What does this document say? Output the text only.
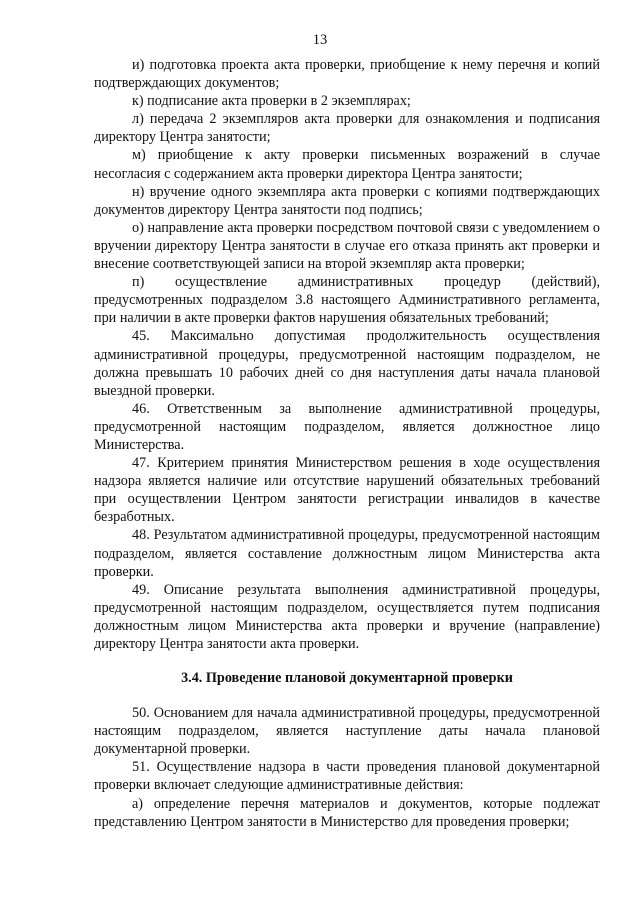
13

и) подготовка проекта акта проверки, приобщение к нему перечня и копий подтверждающих документов;

к) подписание акта проверки в 2 экземплярах;

л) передача 2 экземпляров акта проверки для ознакомления и подписания директору Центра занятости;

м) приобщение к акту проверки письменных возражений в случае несогласия с содержанием акта проверки директора Центра занятости;

н) вручение одного экземпляра акта проверки с копиями подтверждающих документов директору Центра занятости под подпись;

о) направление акта проверки посредством почтовой связи с уведомлением о вручении директору Центра занятости в случае его отказа принять акт проверки и внесение соответствующей записи на второй экземпляр акта проверки;

п) осуществление административных процедур (действий), предусмотренных подразделом 3.8 настоящего Административного регламента, при наличии в акте проверки фактов нарушения обязательных требований;

45. Максимально допустимая продолжительность осуществления административной процедуры, предусмотренной настоящим подразделом, не должна превышать 10 рабочих дней со дня наступления даты начала плановой выездной проверки.

46. Ответственным за выполнение административной процедуры, предусмотренной настоящим подразделом, является должностное лицо Министерства.

47. Критерием принятия Министерством решения в ходе осуществления надзора является наличие или отсутствие нарушений обязательных требований при осуществлении Центром занятости регистрации инвалидов в качестве безработных.

48. Результатом административной процедуры, предусмотренной настоящим подразделом, является составление должностным лицом Министерства акта проверки.

49. Описание результата выполнения административной процедуры, предусмотренной настоящим подразделом, осуществляется путем подписания должностным лицом Министерства акта проверки и вручение (направление) директору Центра занятости акта проверки.

3.4. Проведение плановой документарной проверки

50. Основанием для начала административной процедуры, предусмотренной настоящим подразделом, является наступление даты начала плановой документарной проверки.

51. Осуществление надзора в части проведения плановой документарной проверки включает следующие административные действия:

а) определение перечня материалов и документов, которые подлежат представлению Центром занятости в Министерство для проведения проверки;
